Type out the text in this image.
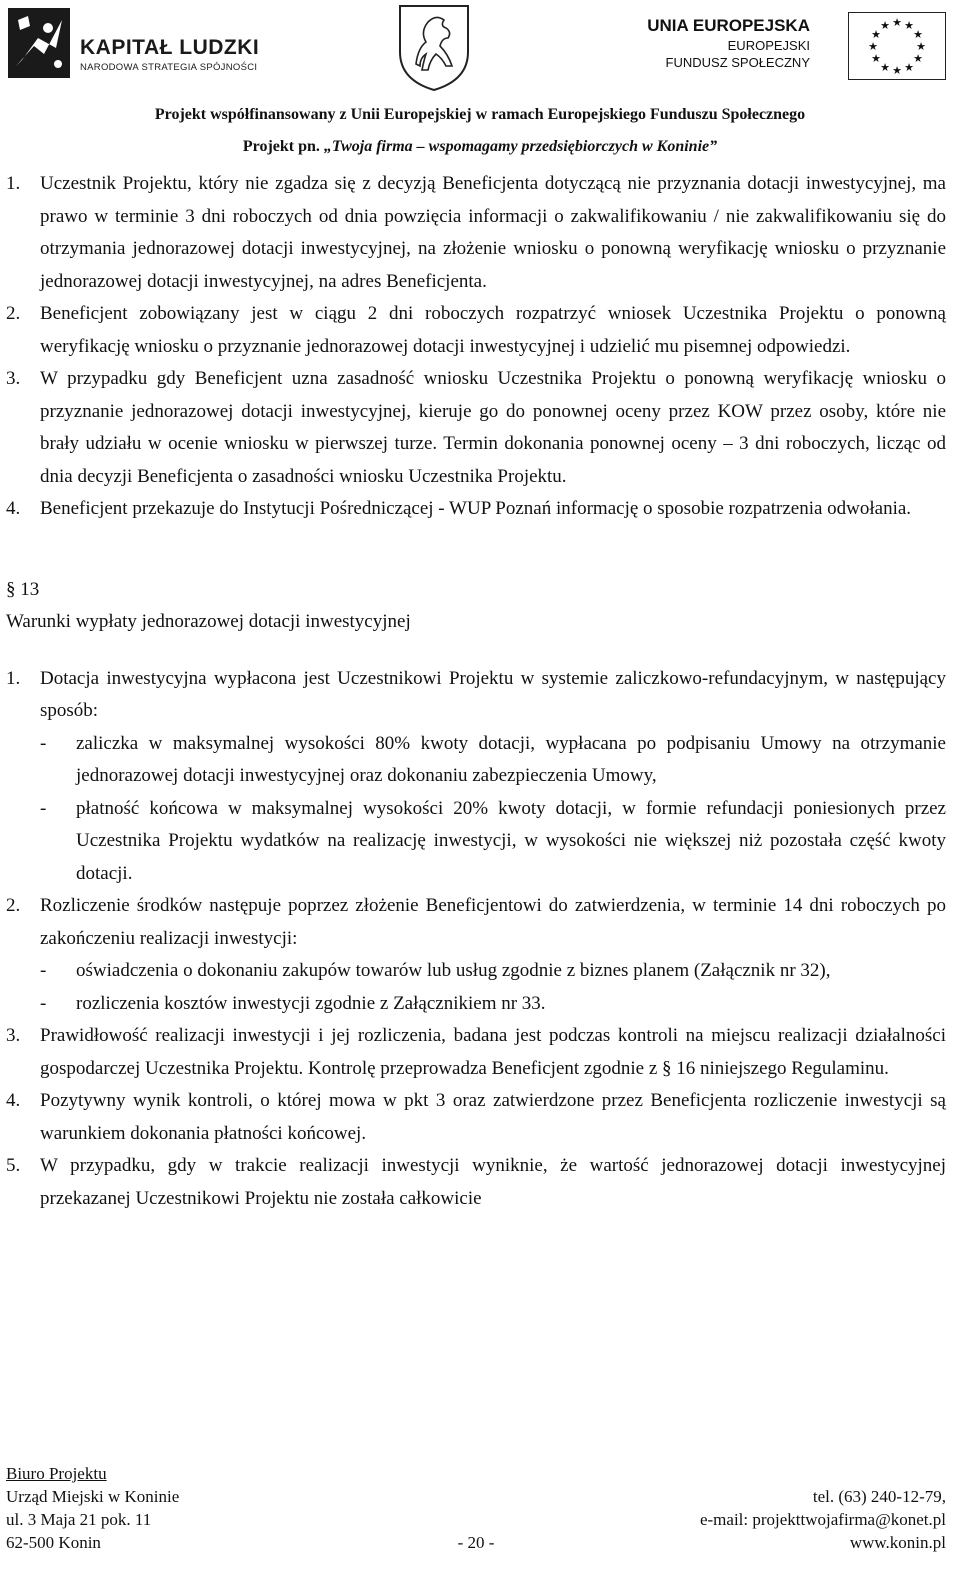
KAPITAŁ LUDZKI
NARODOWA STRATEGIA SPÓJNOŚCI
UNIA EUROPEJSKA
EUROPEJSKI
FUNDUSZ SPOŁECZNY
★ ★
★
★
★
★
★
★
★
★
★
★
Projekt współfinansowany z Unii Europejskiej w ramach Europejskiego Funduszu Społecznego
Projekt pn. „Twoja firma – wspomagamy przedsiębiorczych w Koninie”
1.	Uczestnik Projektu, który nie zgadza się z decyzją Beneficjenta dotyczącą nie przyznania dotacji inwestycyjnej, ma prawo w terminie 3 dni roboczych od dnia powzięcia informacji o zakwalifikowaniu / nie zakwalifikowaniu się do otrzymania jednorazowej dotacji inwestycyjnej, na złożenie wniosku o ponowną weryfikację wniosku o przyznanie jednorazowej dotacji inwestycyjnej, na adres Beneficjenta.
2.	Beneficjent zobowiązany jest w ciągu 2 dni roboczych rozpatrzyć wniosek Uczestnika Projektu o ponowną weryfikację wniosku o przyznanie jednorazowej dotacji inwestycyjnej i udzielić mu pisemnej odpowiedzi.
3.	W przypadku gdy Beneficjent uzna zasadność wniosku Uczestnika Projektu o ponowną weryfikację wniosku o przyznanie jednorazowej dotacji inwestycyjnej, kieruje go do ponownej oceny przez KOW przez osoby, które nie brały udziału w ocenie wniosku w pierwszej turze. Termin dokonania ponownej oceny – 3 dni roboczych, licząc od dnia decyzji Beneficjenta o zasadności wniosku Uczestnika Projektu.
4.	Beneficjent przekazuje do Instytucji Pośredniczącej - WUP Poznań informację o sposobie rozpatrzenia odwołania.

§ 13

Warunki wypłaty jednorazowej dotacji inwestycyjnej

1.	Dotacja inwestycyjna wypłacona jest Uczestnikowi Projektu w systemie zaliczkowo-refundacyjnym, w następujący sposób:
-	zaliczka w maksymalnej wysokości 80% kwoty dotacji, wypłacana po podpisaniu Umowy na otrzymanie jednorazowej dotacji inwestycyjnej oraz dokonaniu zabezpieczenia Umowy,
-	płatność końcowa w maksymalnej wysokości 20% kwoty dotacji, w formie refundacji poniesionych przez Uczestnika Projektu wydatków na realizację inwestycji, w wysokości nie większej niż pozostała część kwoty dotacji.
2.	Rozliczenie środków następuje poprzez złożenie Beneficjentowi do zatwierdzenia, w terminie 14 dni roboczych po zakończeniu realizacji inwestycji:
-	oświadczenia o dokonaniu zakupów towarów lub usług zgodnie z biznes planem (Załącznik nr 32),
-	rozliczenia kosztów inwestycji zgodnie z Załącznikiem nr 33.
3.	Prawidłowość realizacji inwestycji i jej rozliczenia, badana jest podczas kontroli na miejscu realizacji działalności gospodarczej Uczestnika Projektu. Kontrolę przeprowadza Beneficjent zgodnie z § 16 niniejszego Regulaminu.
4.	Pozytywny wynik kontroli, o której mowa w pkt 3 oraz zatwierdzone przez Beneficjenta rozliczenie inwestycji są warunkiem dokonania płatności końcowej.
5.	W przypadku, gdy w trakcie realizacji inwestycji wyniknie, że wartość jednorazowej dotacji inwestycyjnej przekazanej Uczestnikowi Projektu nie została całkowicie
Biuro Projektu
Urząd Miejski w Koninie	tel. (63) 240-12-79,
ul. 3 Maja 21 pok. 11	e-mail: projekttwojafirma@konet.pl
62-500 Konin	- 20 -	www.konin.pl
